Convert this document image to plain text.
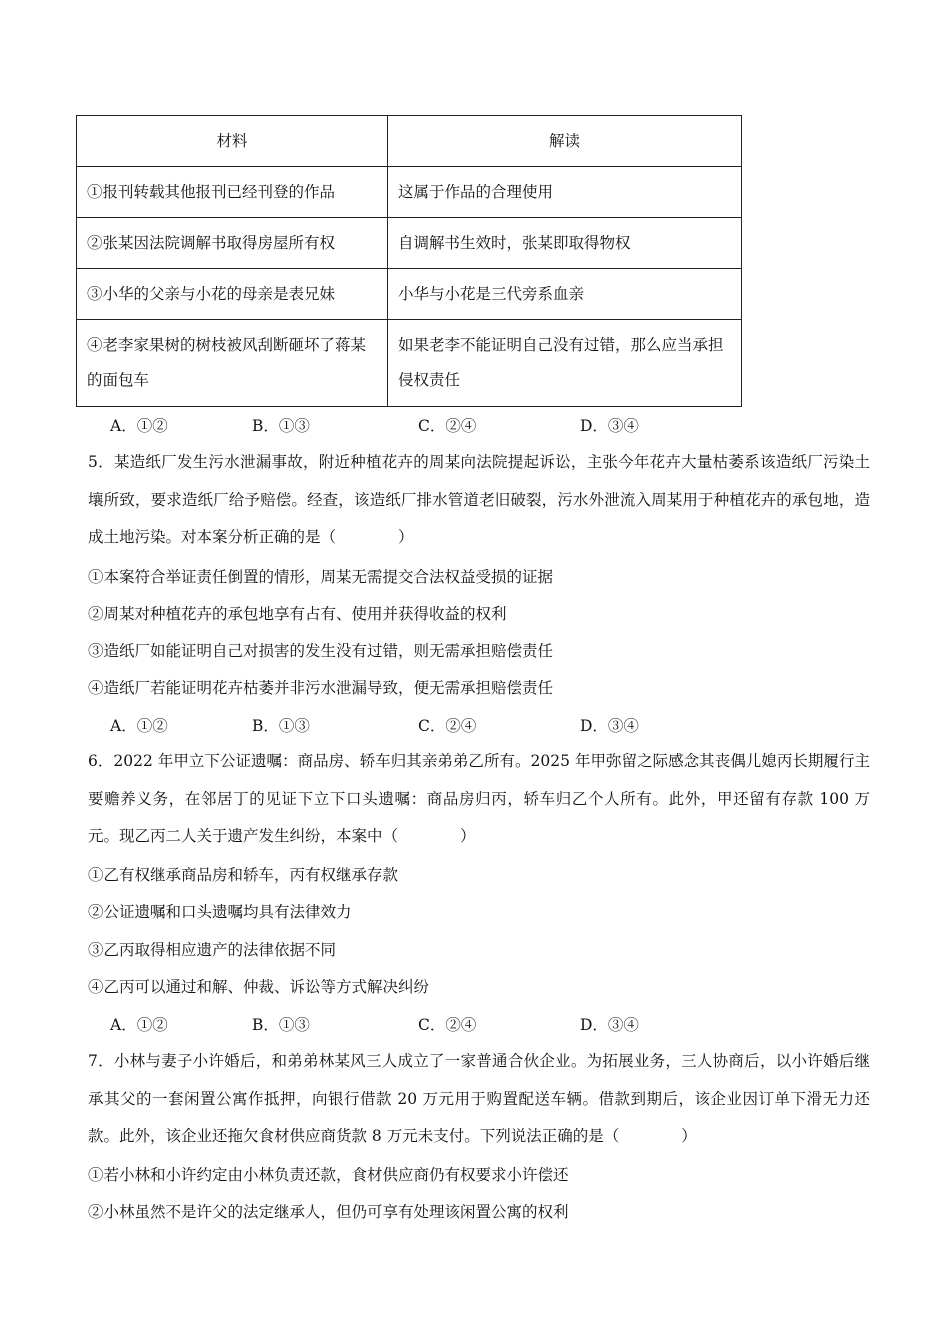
材料	解读
①报刊转载其他报刊已经刊登的作品	这属于作品的合理使用
②张某因法院调解书取得房屋所有权	自调解书生效时，张某即取得物权
③小华的父亲与小花的母亲是表兄妹	小华与小花是三代旁系血亲
④老李家果树的树枝被风刮断砸坏了蒋某的面包车	如果老李不能证明自己没有过错，那么应当承担侵权责任
A．①②	B．①③	C．②④	D．③④
5．某造纸厂发生污水泄漏事故，附近种植花卉的周某向法院提起诉讼，主张今年花卉大量枯萎系该造纸厂污染土壤所致，要求造纸厂给予赔偿。经查，该造纸厂排水管道老旧破裂，污水外泄流入周某用于种植花卉的承包地，造成土地污染。对本案分析正确的是（　　　　）
①本案符合举证责任倒置的情形，周某无需提交合法权益受损的证据
②周某对种植花卉的承包地享有占有、使用并获得收益的权利
③造纸厂如能证明自己对损害的发生没有过错，则无需承担赔偿责任
④造纸厂若能证明花卉枯萎并非污水泄漏导致，便无需承担赔偿责任
A．①②	B．①③	C．②④	D．③④
6．2022 年甲立下公证遗嘱：商品房、轿车归其亲弟弟乙所有。2025 年甲弥留之际感念其丧偶儿媳丙长期履行主要赡养义务，在邻居丁的见证下立下口头遗嘱：商品房归丙，轿车归乙个人所有。此外，甲还留有存款 100 万元。现乙丙二人关于遗产发生纠纷，本案中（　　　　）
①乙有权继承商品房和轿车，丙有权继承存款
②公证遗嘱和口头遗嘱均具有法律效力
③乙丙取得相应遗产的法律依据不同
④乙丙可以通过和解、仲裁、诉讼等方式解决纠纷
A．①②	B．①③	C．②④	D．③④
7．小林与妻子小许婚后，和弟弟林某风三人成立了一家普通合伙企业。为拓展业务，三人协商后，以小许婚后继承其父的一套闲置公寓作抵押，向银行借款 20 万元用于购置配送车辆。借款到期后，该企业因订单下滑无力还款。此外，该企业还拖欠食材供应商货款 8 万元未支付。下列说法正确的是（　　　　）
①若小林和小许约定由小林负责还款，食材供应商仍有权要求小许偿还
②小林虽然不是许父的法定继承人，但仍可享有处理该闲置公寓的权利
